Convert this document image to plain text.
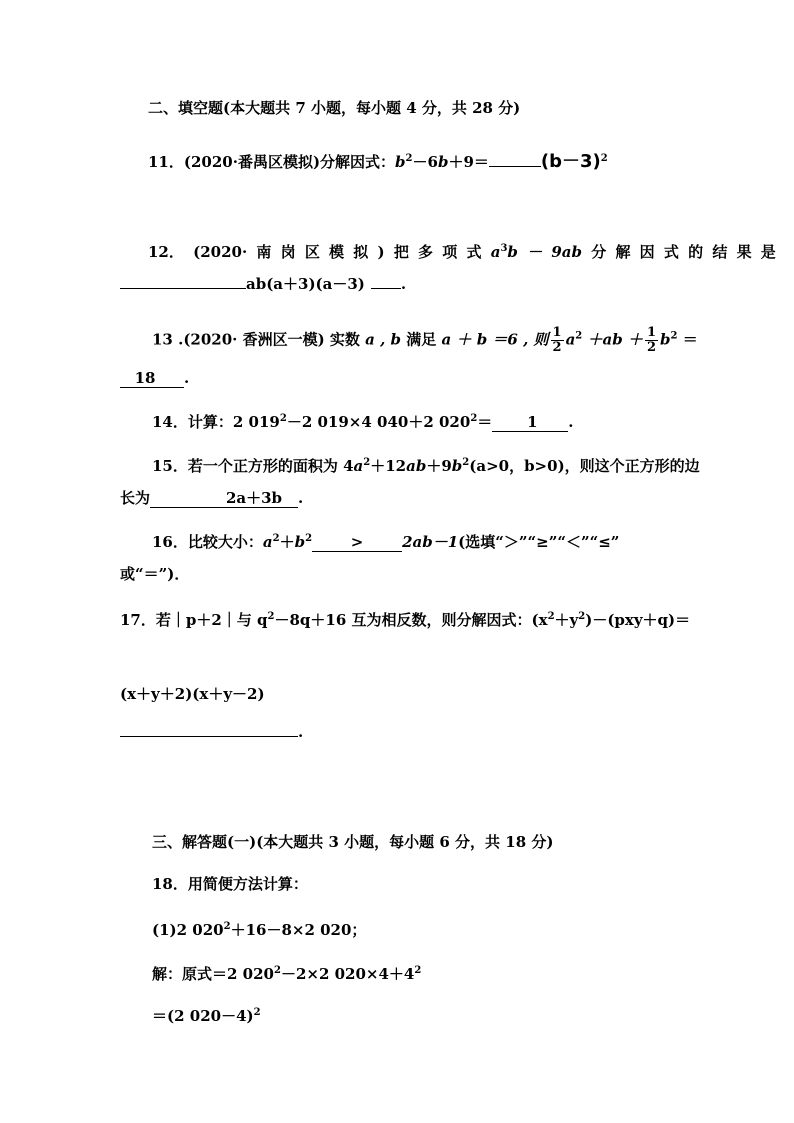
二、填空题(本大题共 7 小题，每小题 4 分，共 28 分)
11．(2020·番禺区模拟)分解因式：$b^2-6b+9=$	$(b-3)^2$
12． (2020· 南 岗 区 模 拟 ) 把 多 项 式 $a^3b - 9ab$ 分 解 因 式 的 结 果 是
ab(a＋3)(a－3) .
13 .(2020· 香洲区一模) 实数 a , b 满足 a ＋ b ＝6 , 则 $\frac{1}{2} a^2 +ab + \frac{1}{2} b^2$ ＝
18 .
14．计算：2 $019^2-2$ 019×4 040＋2 $020^2= 1$ .
15．若一个正方形的面积为 $4a^2+12ab+9b^2(a>0$，b>0)，则这个正方形的边
长为	2a＋3b .
16．比较大小：$a^2+b^2$	>	2ab－1(选填“＞”“≥”“＜”“≤”
或“＝”)．
17．若｜p＋2｜与 $q^2-8q+16$ 互为相反数，则分解因式：$(x^2+y^2)-(pxy+q)=$
(x＋y＋2)(x＋y－2)
.
三、解答题(一)(本大题共 3 小题，每小题 6 分，共 18 分)
18．用简便方法计算：
(1)2 $020^2+16-8\times 2$ 020；
解：原式＝2 $020^2-2\times 2$ $020\times 4+4^2$
＝(2 020－4)$^2$
